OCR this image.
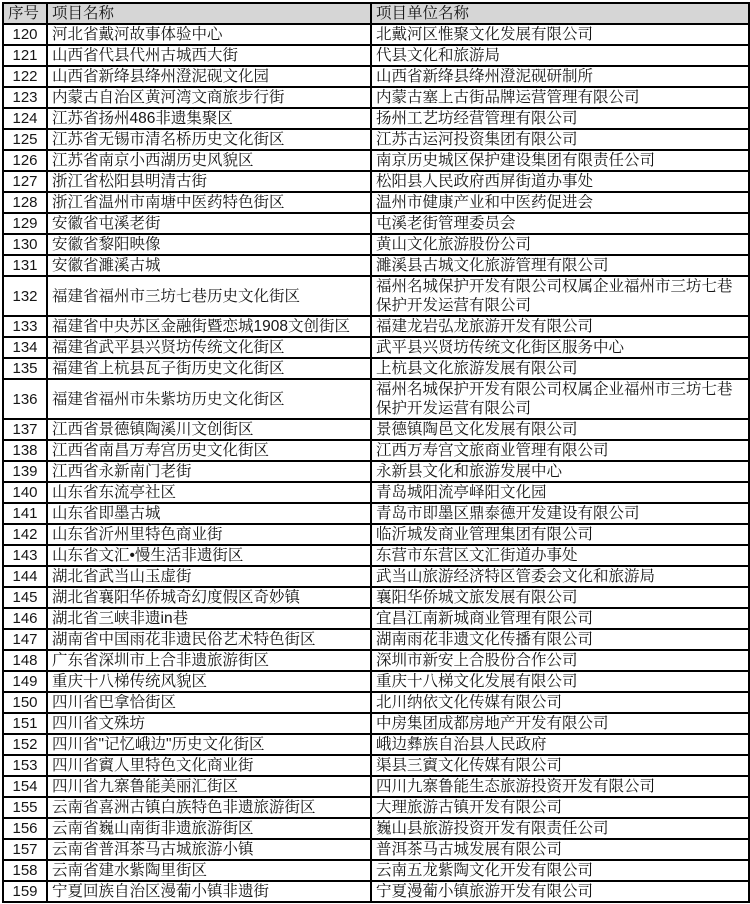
序号	项目名称	项目单位名称
120	河北省戴河故事体验中心	北戴河区惟聚文化发展有限公司
121	山西省代县代州古城西大街	代县文化和旅游局
122	山西省新绛县绛州澄泥砚文化园	山西省新绛县绛州澄泥砚研制所
123	内蒙古自治区黄河湾文商旅步行街	内蒙古塞上古街品牌运营管理有限公司
124	江苏省扬州486非遗集聚区	扬州工艺坊经营管理有限公司
125	江苏省无锡市清名桥历史文化街区	江苏古运河投资集团有限公司
126	江苏省南京小西湖历史风貌区	南京历史城区保护建设集团有限责任公司
127	浙江省松阳县明清古街	松阳县人民政府西屏街道办事处
128	浙江省温州市南塘中医药特色街区	温州市健康产业和中医药促进会
129	安徽省屯溪老街	屯溪老街管理委员会
130	安徽省黎阳映像	黄山文化旅游股份公司
131	安徽省濉溪古城	濉溪县古城文化旅游管理有限公司
132	福建省福州市三坊七巷历史文化街区	福州名城保护开发有限公司权属企业福州市三坊七巷保护开发运营有限公司
133	福建省中央苏区金融街暨恋城1908文创街区	福建龙岩弘龙旅游开发有限公司
134	福建省武平县兴贤坊传统文化街区	武平县兴贤坊传统文化街区服务中心
135	福建省上杭县瓦子街历史文化街区	上杭县文化旅游发展有限公司
136	福建省福州市朱紫坊历史文化街区	福州名城保护开发有限公司权属企业福州市三坊七巷保护开发运营有限公司
137	江西省景德镇陶溪川文创街区	景德镇陶邑文化发展有限公司
138	江西省南昌万寿宫历史文化街区	江西万寿宫文旅商业管理有限公司
139	江西省永新南门老街	永新县文化和旅游发展中心
140	山东省东流亭社区	青岛城阳流亭峄阳文化园
141	山东省即墨古城	青岛市即墨区鼎泰德开发建设有限公司
142	山东省沂州里特色商业街	临沂城发商业管理集团有限公司
143	山东省文汇•慢生活非遗街区	东营市东营区文汇街道办事处
144	湖北省武当山玉虚街	武当山旅游经济特区管委会文化和旅游局
145	湖北省襄阳华侨城奇幻度假区奇妙镇	襄阳华侨城文旅发展有限公司
146	湖北省三峡非遗in巷	宜昌江南新城商业管理有限公司
147	湖南省中国雨花非遗民俗艺术特色街区	湖南雨花非遗文化传播有限公司
148	广东省深圳市上合非遗旅游街区	深圳市新安上合股份合作公司
149	重庆十八梯传统风貌区	重庆十八梯文化发展有限公司
150	四川省巴拿恰街区	北川纳依文化传媒有限公司
151	四川省文殊坊	中房集团成都房地产开发有限公司
152	四川省"记忆峨边"历史文化街区	峨边彝族自治县人民政府
153	四川省賨人里特色文化商业街	渠县三賨文化传媒有限公司
154	四川省九寨鲁能美丽汇街区	四川九寨鲁能生态旅游投资开发有限公司
155	云南省喜洲古镇白族特色非遗旅游街区	大理旅游古镇开发有限公司
156	云南省巍山南街非遗旅游街区	巍山县旅游投资开发有限责任公司
157	云南省普洱茶马古城旅游小镇	普洱茶马古城发展有限公司
158	云南省建水紫陶里街区	云南五龙紫陶文化开发有限公司
159	宁夏回族自治区漫葡小镇非遗街	宁夏漫葡小镇旅游开发有限公司
